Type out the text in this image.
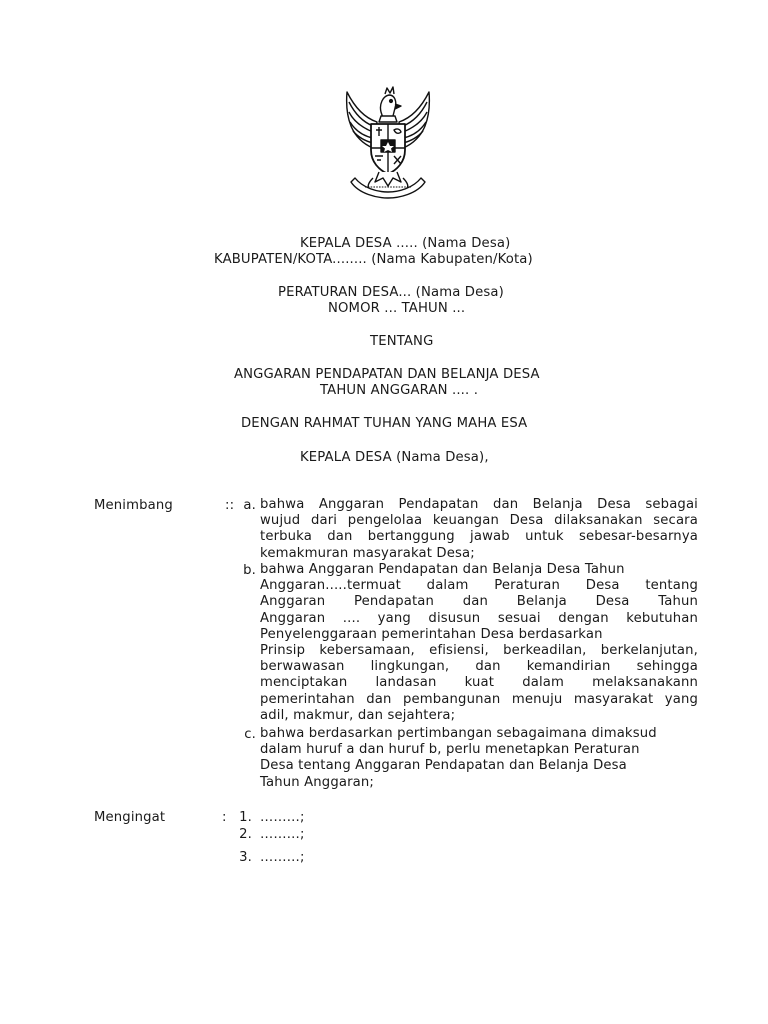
KEPALA DESA ..... (Nama Desa)
KABUPATEN/KOTA........ (Nama Kabupaten/Kota)
PERATURAN DESA... (Nama Desa)
NOMOR ... TAHUN ...
TENTANG
ANGGARAN PENDAPATAN DAN BELANJA DESA
TAHUN ANGGARAN .... .
DENGAN RAHMAT TUHAN YANG MAHA ESA
KEPALA DESA (Nama Desa),
Menimbang	:: a. bahwa Anggaran Pendapatan dan Belanja Desa sebagai
wujud dari pengelolaa keuangan Desa dilaksanakan secara
terbuka dan bertanggung jawab untuk sebesar-besarnya
kemakmuran masyarakat Desa;
b. bahwa Anggaran Pendapatan dan Belanja Desa Tahun
Anggaran.....termuat dalam Peraturan Desa tentang
Anggaran Pendapatan dan Belanja Desa Tahun
Anggaran .... yang disusun sesuai dengan kebutuhan
Penyelenggaraan pemerintahan Desa berdasarkan
Prinsip kebersamaan, efisiensi, berkeadilan, berkelanjutan,
berwawasan lingkungan, dan kemandirian sehingga
menciptakan landasan kuat dalam melaksanakann
pemerintahan dan pembangunan menuju masyarakat yang
adil, makmur, dan sejahtera;
c. bahwa berdasarkan pertimbangan sebagaimana dimaksud
dalam huruf a dan huruf b, perlu menetapkan Peraturan
Desa tentang Anggaran Pendapatan dan Belanja Desa
Tahun Anggaran;
Mengingat	: 1. ………;
2. ………;
3. ………;
